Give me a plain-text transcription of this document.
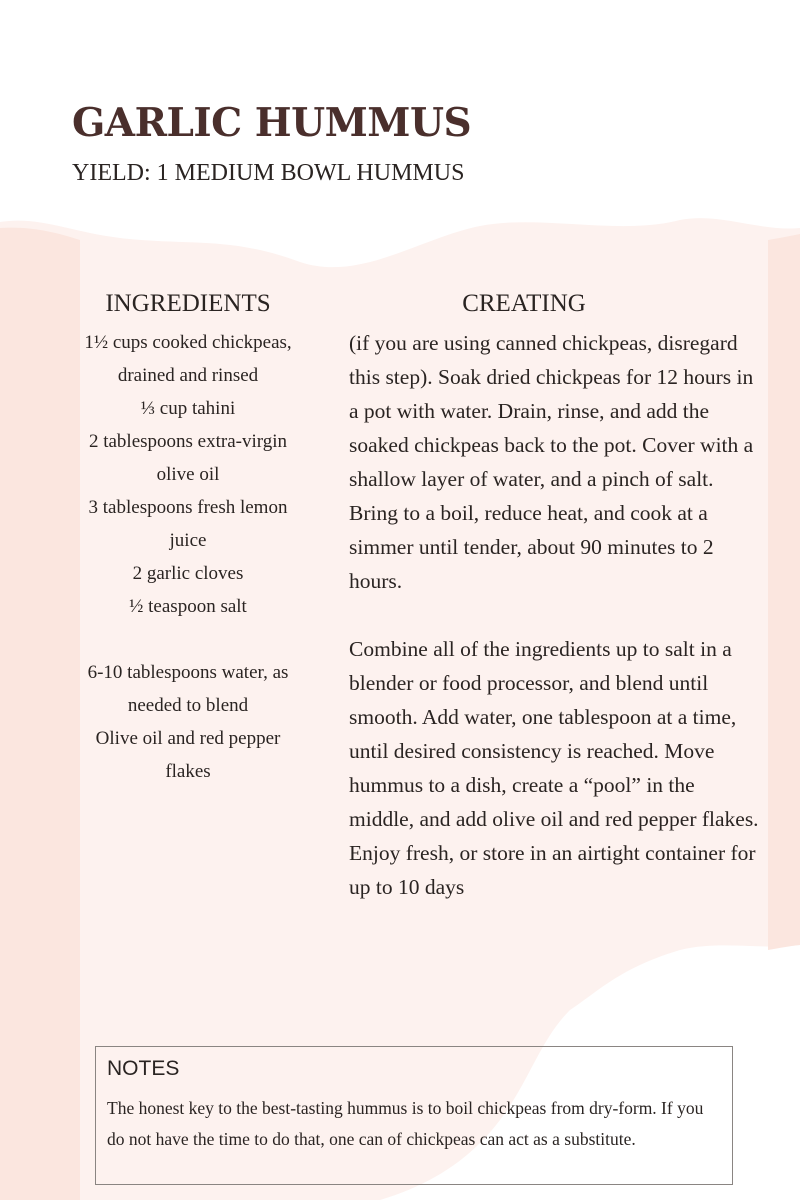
GARLIC HUMMUS
YIELD: 1 MEDIUM BOWL HUMMUS
INGREDIENTS
1½ cups cooked chickpeas, drained and rinsed
⅓ cup tahini
2 tablespoons extra-virgin olive oil
3 tablespoons fresh lemon juice
2 garlic cloves
½ teaspoon salt
6-10 tablespoons water, as needed to blend
Olive oil and red pepper flakes
CREATING

(if you are using canned chickpeas, disregard this step). Soak dried chickpeas for 12 hours in a pot with water. Drain, rinse, and add the soaked chickpeas back to the pot. Cover with a shallow layer of water, and a pinch of salt. Bring to a boil, reduce heat, and cook at a simmer until tender, about 90 minutes to 2 hours.

Combine all of the ingredients up to salt in a blender or food processor, and blend until smooth. Add water, one tablespoon at a time, until desired consistency is reached. Move hummus to a dish, create a “pool” in the middle, and add olive oil and red pepper flakes. Enjoy fresh, or store in an airtight container for up to 10 days

NOTES
The honest key to the best-tasting hummus is to boil chickpeas from dry-form. If you do not have the time to do that, one can of chickpeas can act as a substitute.
